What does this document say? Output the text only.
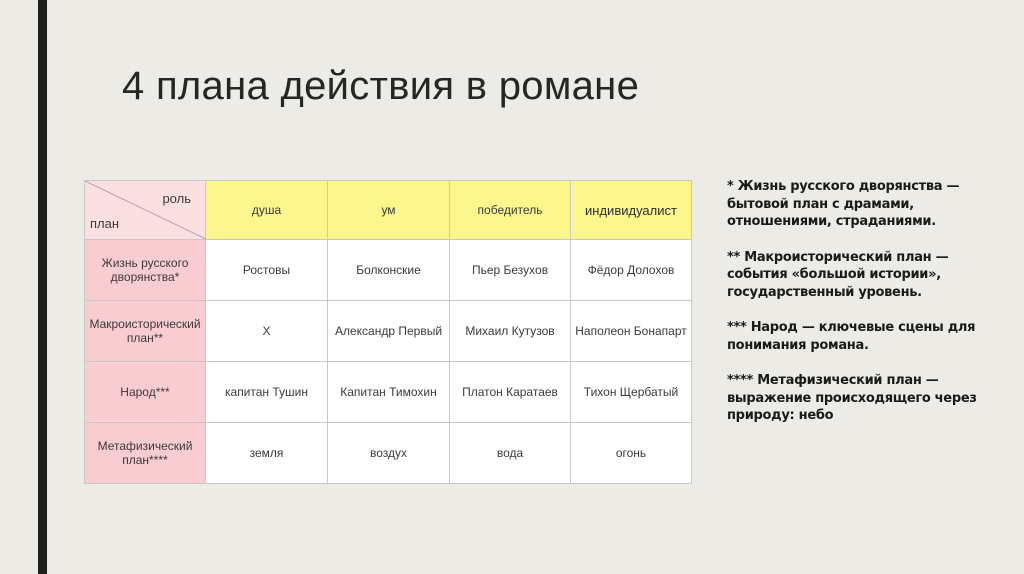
4 плана действия в романе
роль
план	душа	ум	победитель	индивидуалист
Жизнь русского дворянства*	Ростовы	Болконские	Пьер Безухов	Фёдор Долохов
Макроисторический план**	Х	Александр Первый	Михаил Кутузов	Наполеон Бонапарт
Народ***	капитан Тушин	Капитан Тимохин	Платон Каратаев	Тихон Щербатый
Метафизический план****	земля	воздух	вода	огонь

* Жизнь русского дворянства — бытовой план с драмами, отношениями, страданиями.

** Макроисторический план — события «большой истории», государственный уровень.

*** Народ — ключевые сцены для понимания романа.

**** Метафизический план — выражение происходящего через природу: небо
